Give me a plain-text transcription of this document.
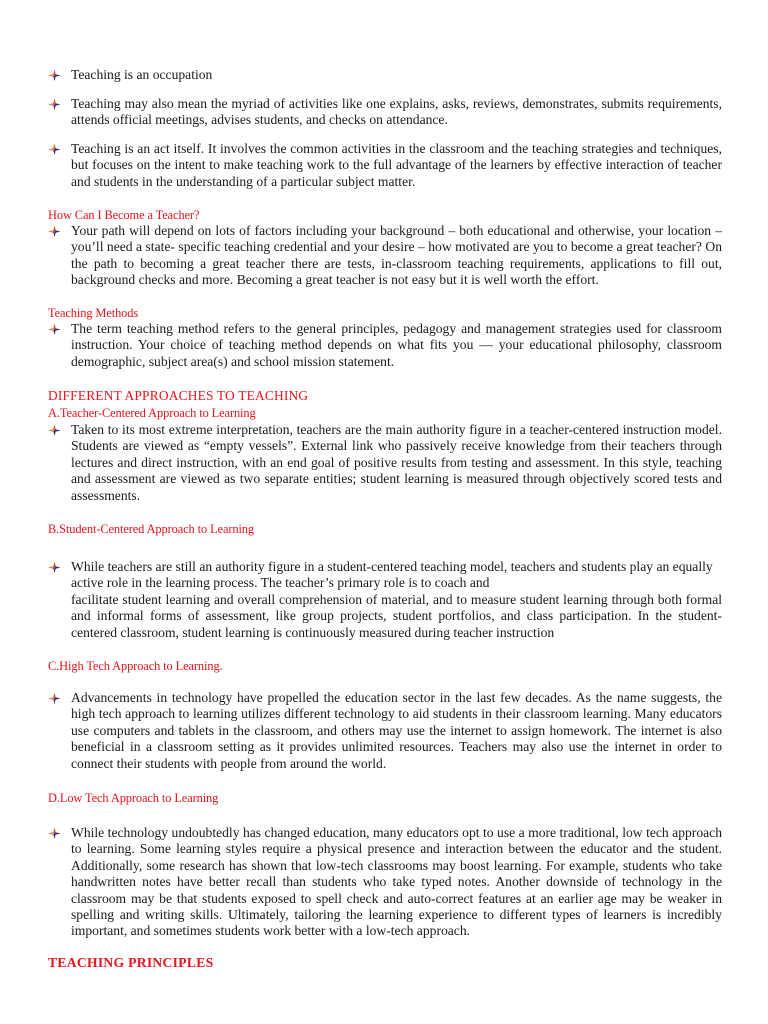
Teaching is an occupation
Teaching may also mean the myriad of activities like one explains, asks, reviews, demonstrates, submits requirements, attends official meetings, advises students, and checks on attendance.
Teaching is an act itself. It involves the common activities in the classroom and the teaching strategies and techniques, but focuses on the intent to make teaching work to the full advantage of the learners by effective interaction of teacher and students in the understanding of a particular subject matter.
How Can I Become a Teacher?
Your path will depend on lots of factors including your background – both educational and otherwise, your location – you’ll need a state- specific teaching credential and your desire – how motivated are you to become a great teacher? On the path to becoming a great teacher there are tests, in-classroom teaching requirements, applications to fill out, background checks and more. Becoming a great teacher is not easy but it is well worth the effort.
Teaching Methods
The term teaching method refers to the general principles, pedagogy and management strategies used for classroom instruction. Your choice of teaching method depends on what fits you — your educational philosophy, classroom demographic, subject area(s) and school mission statement.
DIFFERENT APPROACHES TO TEACHING
A.Teacher-Centered Approach to Learning
Taken to its most extreme interpretation, teachers are the main authority figure in a teacher-centered instruction model. Students are viewed as “empty vessels”. External link who passively receive knowledge from their teachers through lectures and direct instruction, with an end goal of positive results from testing and assessment. In this style, teaching and assessment are viewed as two separate entities; student learning is measured through objectively scored tests and assessments.
B.Student-Centered Approach to Learning
While teachers are still an authority figure in a student-centered teaching model, teachers and students play an equally active role in the learning process. The teacher’s primary role is to coach and
facilitate student learning and overall comprehension of material, and to measure student learning through both formal and informal forms of assessment, like group projects, student portfolios, and class participation. In the student-centered classroom, student learning is continuously measured during teacher instruction
C.High Tech Approach to Learning.
Advancements in technology have propelled the education sector in the last few decades. As the name suggests, the high tech approach to learning utilizes different technology to aid students in their classroom learning. Many educators use computers and tablets in the classroom, and others may use the internet to assign homework. The internet is also beneficial in a classroom setting as it provides unlimited resources. Teachers may also use the internet in order to connect their students with people from around the world.
D.Low Tech Approach to Learning
While technology undoubtedly has changed education, many educators opt to use a more traditional, low tech approach to learning. Some learning styles require a physical presence and interaction between the educator and the student. Additionally, some research has shown that low-tech classrooms may boost learning. For example, students who take handwritten notes have better recall than students who take typed notes. Another downside of technology in the classroom may be that students exposed to spell check and auto-correct features at an earlier age may be weaker in spelling and writing skills. Ultimately, tailoring the learning experience to different types of learners is incredibly important, and sometimes students work better with a low-tech approach.
TEACHING PRINCIPLES
